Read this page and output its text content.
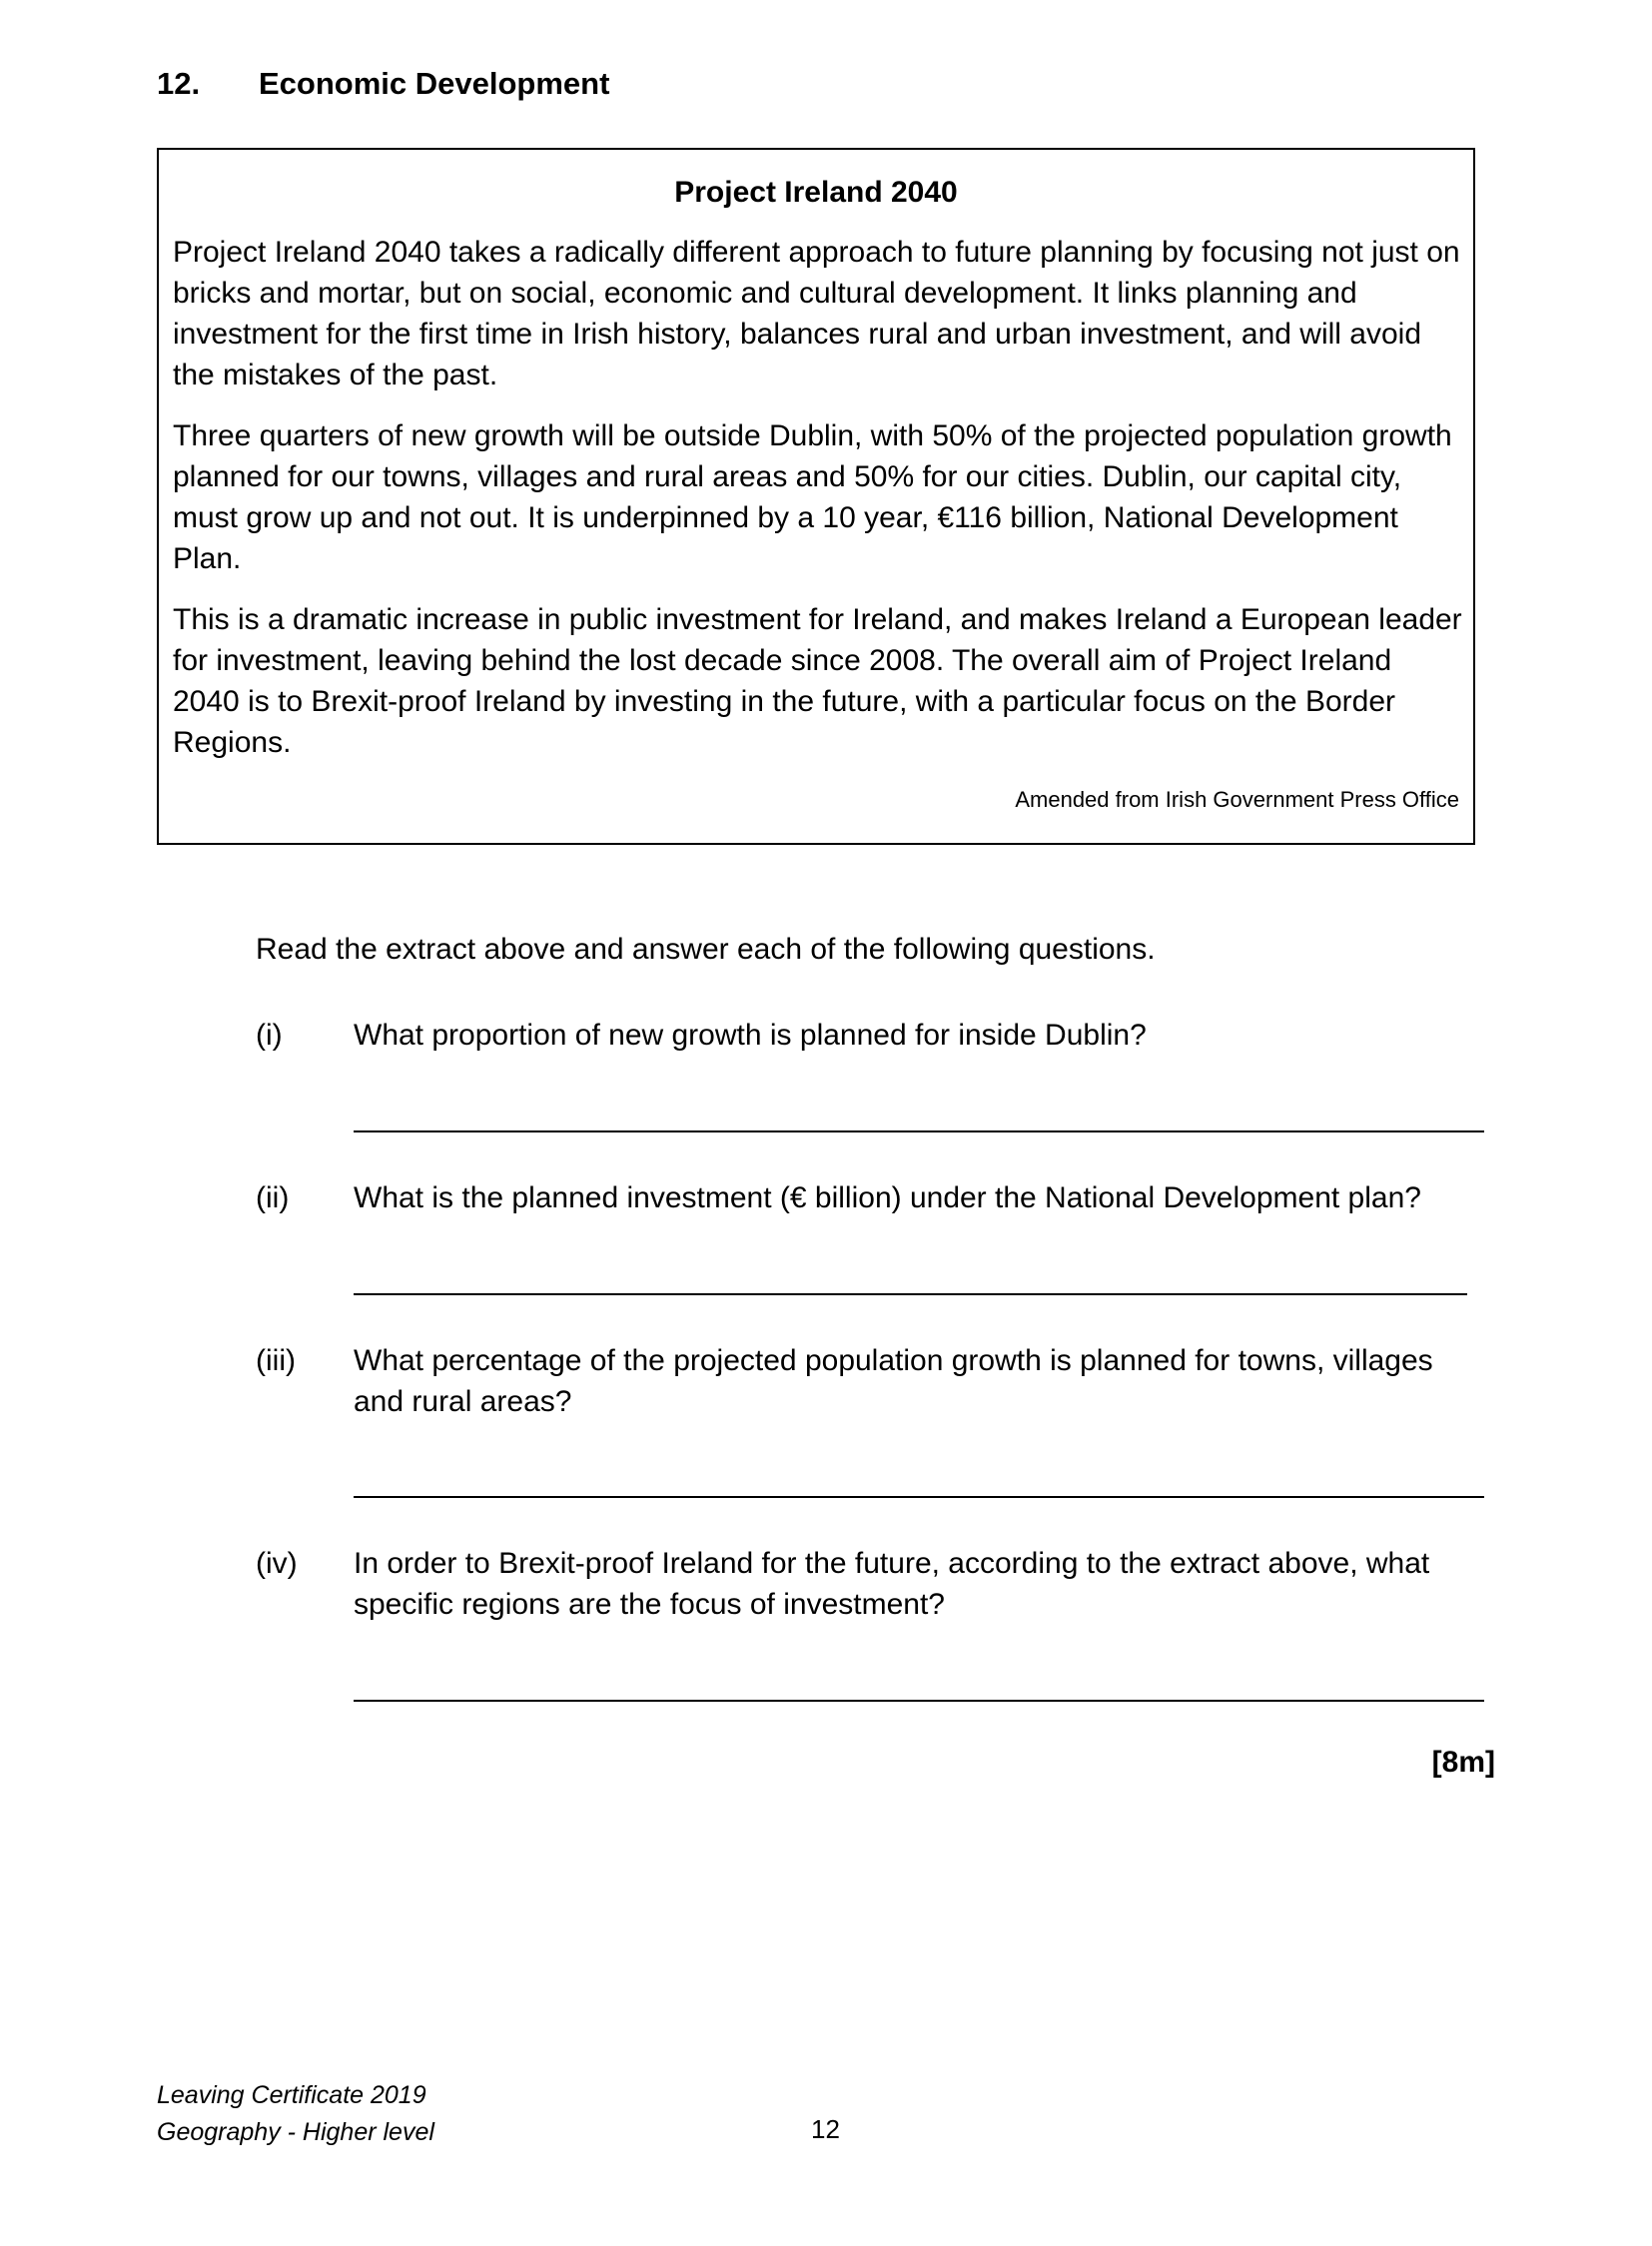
12. Economic Development
Project Ireland 2040

Project Ireland 2040 takes a radically different approach to future planning by focusing not just on bricks and mortar, but on social, economic and cultural development. It links planning and investment for the first time in Irish history, balances rural and urban investment, and will avoid the mistakes of the past.

Three quarters of new growth will be outside Dublin, with 50% of the projected population growth planned for our towns, villages and rural areas and 50% for our cities. Dublin, our capital city, must grow up and not out. It is underpinned by a 10 year, €116 billion, National Development Plan.

This is a dramatic increase in public investment for Ireland, and makes Ireland a European leader for investment, leaving behind the lost decade since 2008. The overall aim of Project Ireland 2040 is to Brexit-proof Ireland by investing in the future, with a particular focus on the Border Regions.

Amended from Irish Government Press Office
Read the extract above and answer each of the following questions.
(i) What proportion of new growth is planned for inside Dublin?
(ii) What is the planned investment (€ billion) under the National Development plan?
(iii) What percentage of the projected population growth is planned for towns, villages and rural areas?
(iv) In order to Brexit-proof Ireland for the future, according to the extract above, what specific regions are the focus of investment?
[8m]
Leaving Certificate 2019
Geography - Higher level	12
